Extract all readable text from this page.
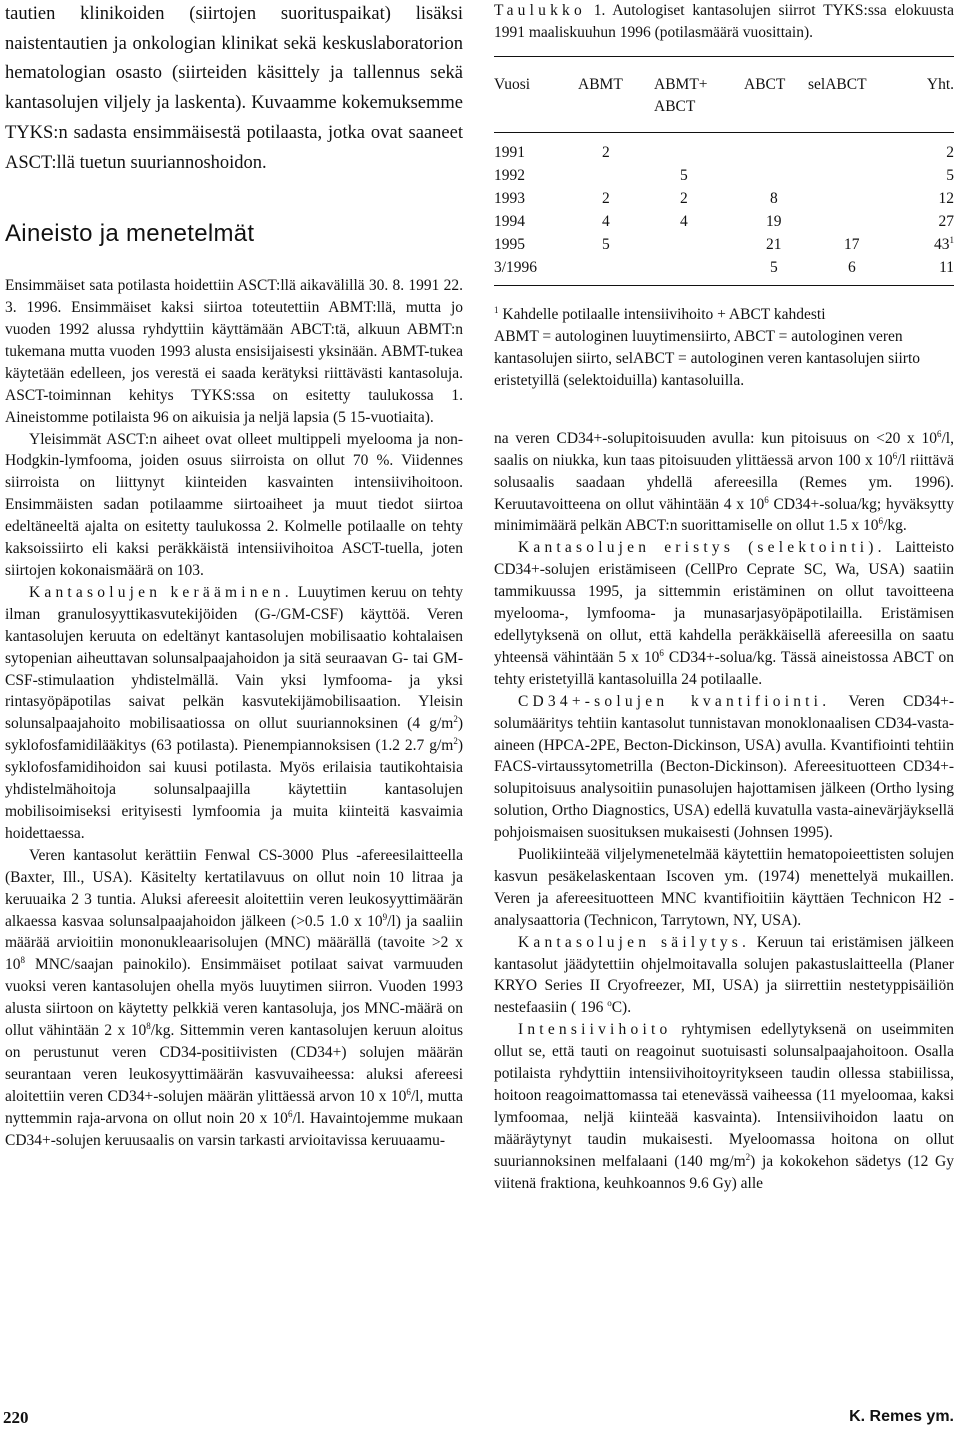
tautien klinikoiden (siirtojen suorituspaikat) lisäksi naistentautien ja onkologian klinikat sekä keskuslaboratorion hematologian osasto (siirteiden käsittely ja tallennus sekä kantasolujen viljely ja laskenta). Kuvaamme kokemuksemme TYKS:n sadasta ensimmäisestä potilaasta, jotka ovat saaneet ASCT:llä tuetun suuriannoshoidon.

Aineisto ja menetelmät

Ensimmäiset sata potilasta hoidettiin ASCT:llä aikavälillä 30. 8. 1991 22. 3. 1996. Ensimmäiset kaksi siirtoa toteutettiin ABMT:llä, mutta jo vuoden 1992 alussa ryhdyttiin käyttämään ABCT:tä, alkuun ABMT:n tukemana mutta vuoden 1993 alusta ensisijaisesti yksinään. ABMT-tukea käytetään edelleen, jos verestä ei saada kerätyksi riittävästi kantasoluja. ASCT-toiminnan kehitys TYKS:ssa on esitetty taulukossa 1. Aineistomme potilaista 96 on aikuisia ja neljä lapsia (5 15-vuotiaita).

Yleisimmät ASCT:n aiheet ovat olleet multippeli myelooma ja non-Hodgkin-lymfooma, joiden osuus siirroista on ollut 70 %. Viidennes siirroista on liittynyt kiinteiden kasvainten intensiivihoitoon. Ensimmäisten sadan potilaamme siirtoaiheet ja muut tiedot siirtoa edeltäneeltä ajalta on esitetty taulukossa 2. Kolmelle potilaalle on tehty kaksoissiirto eli kaksi peräkkäistä intensiivihoitoa ASCT-tuella, joten siirtojen kokonaismäärä on 103.

Kantasolujen kerääminen. Luuytimen keruu on tehty ilman granulosyyttikasvutekijöiden (G-/GM-CSF) käyttöä. Veren kantasolujen keruuta on edeltänyt kantasolujen mobilisaatio kohtalaisen sytopenian aiheuttavan solunsalpaajahoidon ja sitä seuraavan G- tai GM-CSF-stimulaation yhdistelmällä. Vain yksi lymfooma- ja yksi rintasyöpäpotilas saivat pelkän kasvutekijämobilisaation. Yleisin solunsalpaajahoito mobilisaatiossa on ollut suuriannoksinen (4 $g/m^2$) syklofosfamidilääkitys (63 potilasta). Pienempiannoksisen (1.2 2.7 $g/m^2$) syklofosfamidihoidon sai kuusi potilasta. Myös erilaisia tautikohtaisia yhdistelmähoitoja solunsalpaajilla käytettiin kantasolujen mobilisoimiseksi erityisesti lymfoomia ja muita kiinteitä kasvaimia hoidettaessa.

Veren kantasolut kerättiin Fenwal CS-3000 Plus -afereesilaitteella (Baxter, Ill., USA). Käsitelty kertatilavuus on ollut noin 10 litraa ja keruuaika 2 3 tuntia. Aluksi afereesit aloitettiin veren leukosyyttimäärän alkaessa kasvaa solunsalpaajahoidon jälkeen (>0.5 1.0 x $10^9/l$) ja saaliin määrää arvioitiin mononukleaarisolujen (MNC) määrällä (tavoite >2 x $10^8$ MNC/saajan painokilo). Ensimmäiset potilaat saivat varmuuden vuoksi veren kantasolujen ohella myös luuytimen siirron. Vuoden 1993 alusta siirtoon on käytetty pelkkiä veren kantasoluja, jos MNC-määrä on ollut vähintään 2 x $10^8/kg$. Sittemmin veren kantasolujen keruun aloitus on perustunut veren CD34-positiivisten (CD34+) solujen määrän seurantaan veren leukosyyttimäärän kasvuvaiheessa: aluksi afereesi aloitettiin veren CD34+-solujen määrän ylittäessä arvon 10 x $10^6/l$, mutta nyttemmin raja-arvona on ollut noin 20 x $10^6/l$. Havaintojemme mukaan CD34+-solujen keruusaalis on varsin tarkasti arvioitavissa keruuaamu-

Taulukko 1. Autologiset kantasolujen siirrot TYKS:ssa elokuusta 1991 maaliskuuhun 1996 (potilasmäärä vuosittain).

Vuosi	ABMT	ABMT+ ABCT	ABCT	selABCT	Yht.
1991	2				2
1992		5			5
1993	2	2	8		12
1994	4	4	19		27
1995	5		21	17	$43^1$
3/1996			5	6	11

$^1$ Kahdelle potilaalle intensiivihoito + ABCT kahdesti
ABMT = autologinen luuytimensiirto, ABCT = autologinen veren kantasolujen siirto, selABCT = autologinen veren kantasolujen siirto eristetyillä (selektoiduilla) kantasoluilla.

na veren CD34+-solupitoisuuden avulla: kun pitoisuus on <20 x $10^6/l$, saalis on niukka, kun taas pitoisuuden ylittäessä arvon 100 x $10^6/l$ riittävä solusaalis saadaan yhdellä afereesilla (Remes ym. 1996). Keruutavoitteena on ollut vähintään 4 x $10^6$ CD34+-solua/kg; hyväksytty minimimäärä pelkän ABCT:n suorittamiselle on ollut 1.5 x $10^6/kg$.

Kantasolujen eristys (selektointi). Laitteisto CD34+-solujen eristämiseen (CellPro Ceprate SC, Wa, USA) saatiin tammikuussa 1995, ja sittemmin eristäminen on ollut tavoitteena myelooma-, lymfooma- ja munasarjasyöpäpotilailla. Eristämisen edellytyksenä on ollut, että kahdella peräkkäisellä afereesilla on saatu yhteensä vähintään 5 x $10^6$ CD34+-solua/kg. Tässä aineistossa ABCT on tehty eristetyillä kantasoluilla 24 potilaalle.

CD34+-solujen kvantifiointi. Veren CD34+-solumääritys tehtiin kantasolut tunnistavan monoklonaalisen CD34-vasta-aineen (HPCA-2PE, Becton-Dickinson, USA) avulla. Kvantifiointi tehtiin FACS-virtaussytometrilla (Becton-Dickinson). Afereesituotteen CD34+-solupitoisuus analysoitiin punasolujen hajottamisen jälkeen (Ortho lysing solution, Ortho Diagnostics, USA) edellä kuvatulla vasta-ainevärjäyksellä pohjoismaisen suosituksen mukaisesti (Johnsen 1995).

Puolikiinteää viljelymenetelmää käytettiin hematopoieettisten solujen kasvun pesäkelaskentaan Iscoven ym. (1974) menettelyä mukaillen. Veren ja afereesituotteen MNC kvantifioitiin käyttäen Technicon H2 -analysaattoria (Technicon, Tarrytown, NY, USA).

Kantasolujen säilytys. Keruun tai eristämisen jälkeen kantasolut jäädytettiin ohjelmoitavalla solujen pakastuslaitteella (Planer KRYO Series II Cryofreezer, MI, USA) ja siirrettiin nestetyppisäiliön nestefaasiin ( 196 $^o$C).

Intensiivihoito ryhtymisen edellytyksenä on useimmiten ollut se, että tauti on reagoinut suotuisasti solunsalpaajahoitoon. Osalla potilaista ryhdyttiin intensiivihoitoyritykseen taudin ollessa stabiilissa, hoitoon reagoimattomassa tai etenevässä vaiheessa (11 myeloomaa, kaksi lymfoomaa, neljä kiinteää kasvainta). Intensiivihoidon laatu on määräytynyt taudin mukaisesti. Myeloomassa hoitona on ollut suuriannoksinen melfalaani (140 $mg/m^2$) ja kokokehon sädetys (12 Gy viitenä fraktiona, keuhkoannos 9.6 Gy) alle

220	K. Remes ym.
